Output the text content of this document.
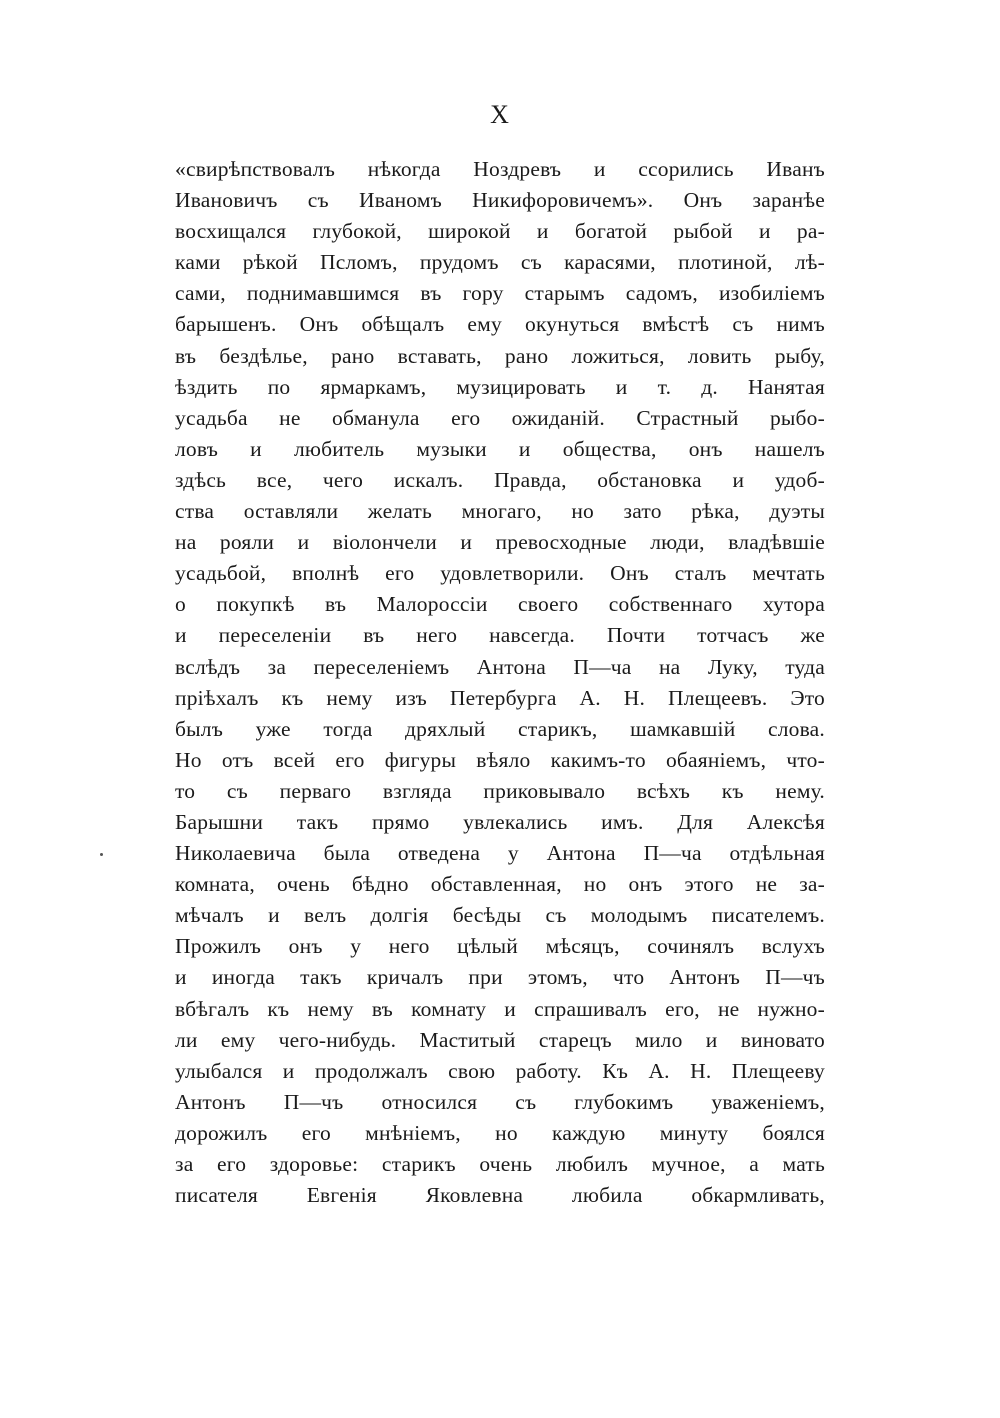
X
«свирѣпствовалъ нѣкогда Ноздревъ и ссорились Иванъ
Ивановичъ съ Иваномъ Никифоровичемъ». Онъ заранѣе
восхищался глубокой, широкой и богатой рыбой и ра-
ками рѣкой Псломъ, прудомъ съ карасями, плотиной, лѣ-
сами, поднимавшимся въ гору старымъ садомъ, изобиліемъ
барышенъ. Онъ обѣщалъ ему окунуться вмѣстѣ съ нимъ
въ бездѣлье, рано вставать, рано ложиться, ловить рыбу,
ѣздить по ярмаркамъ, музицировать и т. д. Нанятая
усадьба не обманула его ожиданій. Страстный рыбо-
ловъ и любитель музыки и общества, онъ нашелъ
здѣсь все, чего искалъ. Правда, обстановка и удоб-
ства оставляли желать многаго, но зато рѣка, дуэты
на рояли и віолончели и превосходные люди, владѣвшіе
усадьбой, вполнѣ его удовлетворили. Онъ сталъ мечтать
о покупкѣ въ Малороссіи своего собственнаго хутора
и переселеніи въ него навсегда. Почти тотчасъ же
вслѣдъ за переселеніемъ Антона П—ча на Луку, туда
пріѣхалъ къ нему изъ Петербурга А. Н. Плещеевъ. Это
былъ уже тогда дряхлый старикъ, шамкавшій слова.
Но отъ всей его фигуры вѣяло какимъ-то обаяніемъ, что-
то съ перваго взгляда приковывало всѣхъ къ нему.
Барышни такъ прямо увлекались имъ. Для Алексѣя
Николаевича была отведена у Антона П—ча отдѣльная
комната, очень бѣдно обставленная, но онъ этого не за-
мѣчалъ и велъ долгія бесѣды съ молодымъ писателемъ.
Прожилъ онъ у него цѣлый мѣсяцъ, сочинялъ вслухъ
и иногда такъ кричалъ при этомъ, что Антонъ П—чъ
вбѣгалъ къ нему въ комнату и спрашивалъ его, не нужно-
ли ему чего-нибудь. Маститый старецъ мило и виновато
улыбался и продолжалъ свою работу. Къ А. Н. Плещееву
Антонъ П—чъ относился съ глубокимъ уваженіемъ,
дорожилъ его мнѣніемъ, но каждую минуту боялся
за его здоровье: старикъ очень любилъ мучное, а мать
писателя Евгенія Яковлевна любила обкармливать,
